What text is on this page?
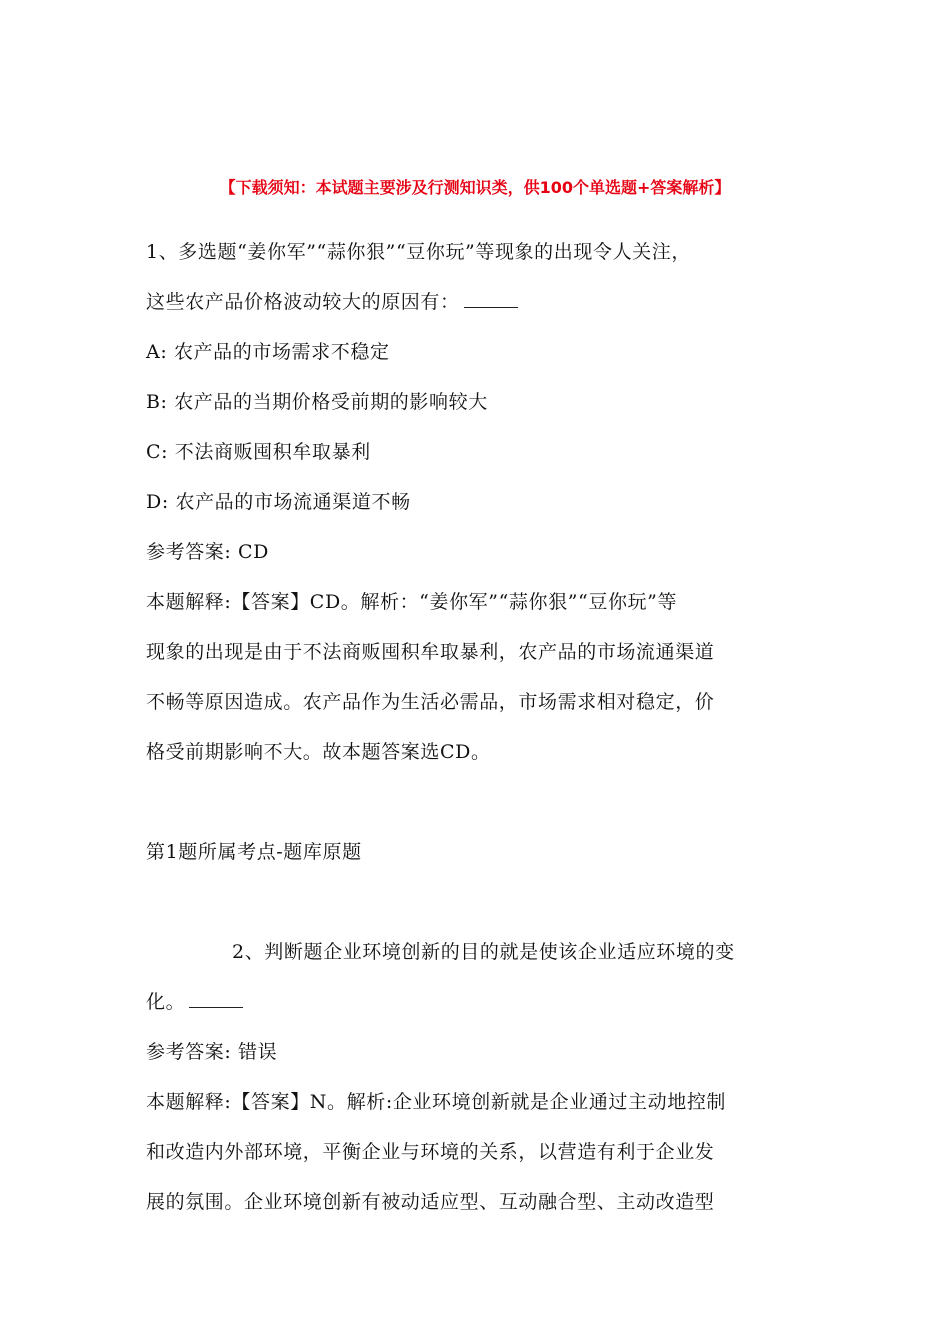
【下载须知：本试题主要涉及行测知识类，供100个单选题+答案解析】
1、多选题“姜你军”“蒜你狠”“豆你玩”等现象的出现令人关注，
这些农产品价格波动较大的原因有：
A: 农产品的市场需求不稳定
B: 农产品的当期价格受前期的影响较大
C: 不法商贩囤积牟取暴利
D: 农产品的市场流通渠道不畅
参考答案: CD
本题解释:【答案】CD。解析：“姜你军”“蒜你狠”“豆你玩”等
现象的出现是由于不法商贩囤积牟取暴利，农产品的市场流通渠道
不畅等原因造成。农产品作为生活必需品，市场需求相对稳定，价
格受前期影响不大。故本题答案选CD。
第1题所属考点-题库原题
2、判断题企业环境创新的目的就是使该企业适应环境的变
化。
参考答案: 错误
本题解释:【答案】N。解析:企业环境创新就是企业通过主动地控制
和改造内外部环境，平衡企业与环境的关系，以营造有利于企业发
展的氛围。企业环境创新有被动适应型、互动融合型、主动改造型
